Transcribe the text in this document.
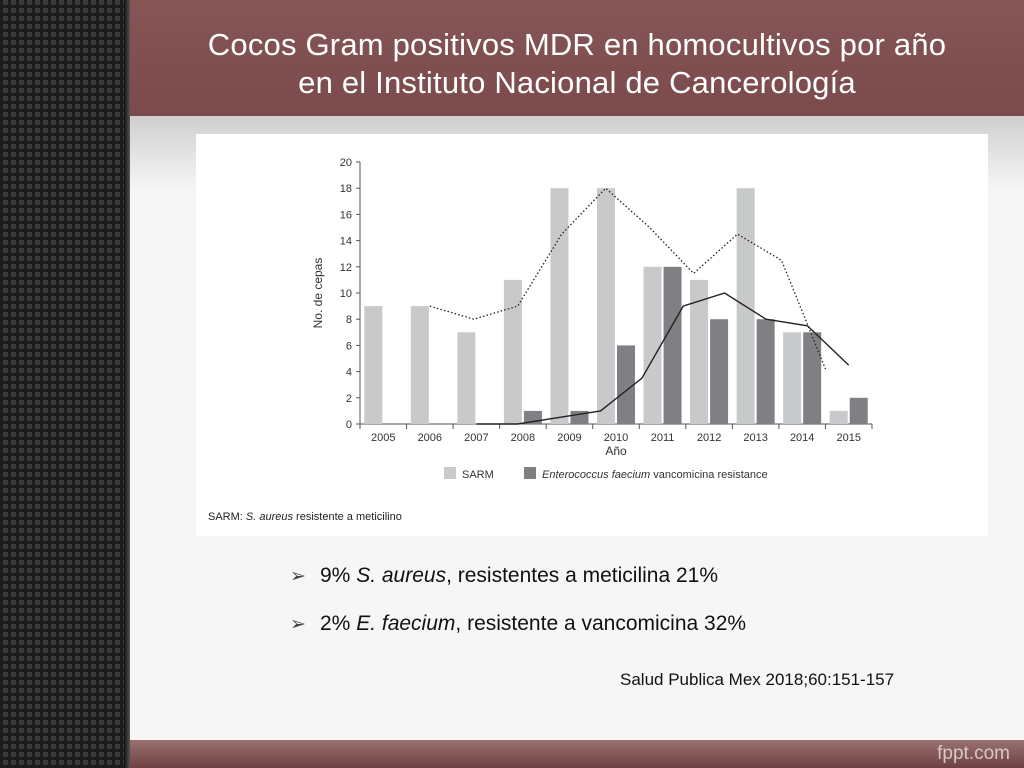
Cocos Gram positivos MDR en homocultivos por año
en el Instituto Nacional de Cancerología
0
2
4
6
8
10
12
14
16
18
20
2005 2006 2007 2008 2009 2010 2011 2012 2013 2014 2015
Año
No. de cepas
SARM	Enterococcus faecium vancomicina resistance
SARM: S. aureus resistente a meticilino
➢ 9% S. aureus, resistentes a meticilina 21%
➢ 2% E. faecium, resistente a vancomicina 32%
Salud Publica Mex 2018;60:151-157
fppt.com
